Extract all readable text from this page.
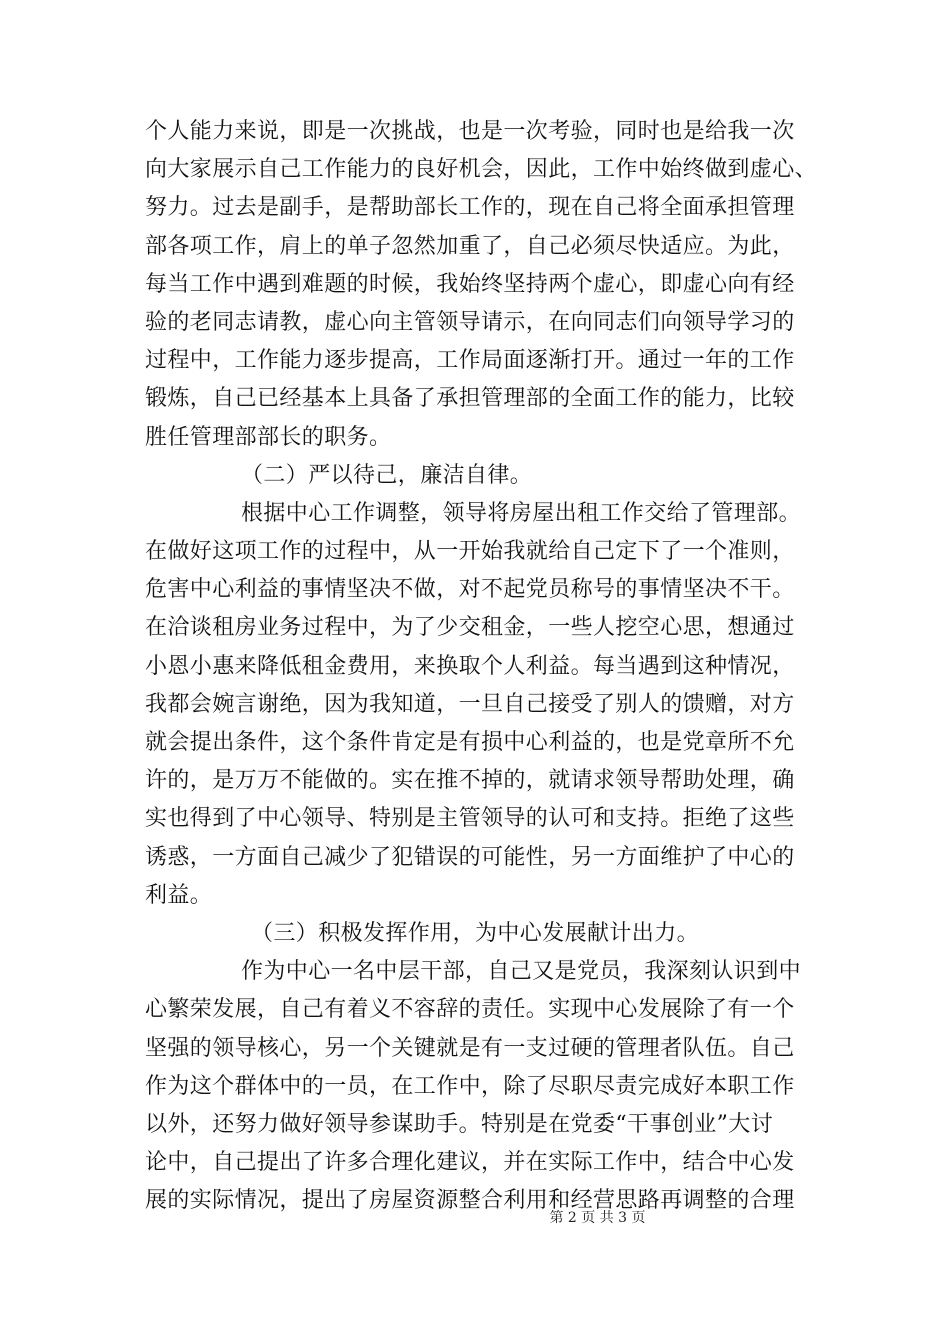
个人能力来说，即是一次挑战，也是一次考验，同时也是给我一次
向大家展示自己工作能力的良好机会，因此，工作中始终做到虚心、
努力。过去是副手，是帮助部长工作的，现在自己将全面承担管理
部各项工作，肩上的单子忽然加重了，自己必须尽快适应。为此，
每当工作中遇到难题的时候，我始终坚持两个虚心，即虚心向有经
验的老同志请教，虚心向主管领导请示，在向同志们向领导学习的
过程中，工作能力逐步提高，工作局面逐渐打开。通过一年的工作
锻炼，自己已经基本上具备了承担管理部的全面工作的能力，比较
胜任管理部部长的职务。
（二）严以待己，廉洁自律。
根据中心工作调整，领导将房屋出租工作交给了管理部。
在做好这项工作的过程中，从一开始我就给自己定下了一个准则，
危害中心利益的事情坚决不做，对不起党员称号的事情坚决不干。
在洽谈租房业务过程中，为了少交租金，一些人挖空心思，想通过
小恩小惠来降低租金费用，来换取个人利益。每当遇到这种情况，
我都会婉言谢绝，因为我知道，一旦自己接受了别人的馈赠，对方
就会提出条件，这个条件肯定是有损中心利益的，也是党章所不允
许的，是万万不能做的。实在推不掉的，就请求领导帮助处理，确
实也得到了中心领导、特别是主管领导的认可和支持。拒绝了这些
诱惑，一方面自己减少了犯错误的可能性，另一方面维护了中心的
利益。
（三）积极发挥作用，为中心发展献计出力。
作为中心一名中层干部，自己又是党员，我深刻认识到中
心繁荣发展，自己有着义不容辞的责任。实现中心发展除了有一个
坚强的领导核心，另一个关键就是有一支过硬的管理者队伍。自己
作为这个群体中的一员，在工作中，除了尽职尽责完成好本职工作
以外，还努力做好领导参谋助手。特别是在党委“干事创业”大讨
论中，自己提出了许多合理化建议，并在实际工作中，结合中心发
展的实际情况，提出了房屋资源整合利用和经营思路再调整的合理
第 2 页 共 3 页
